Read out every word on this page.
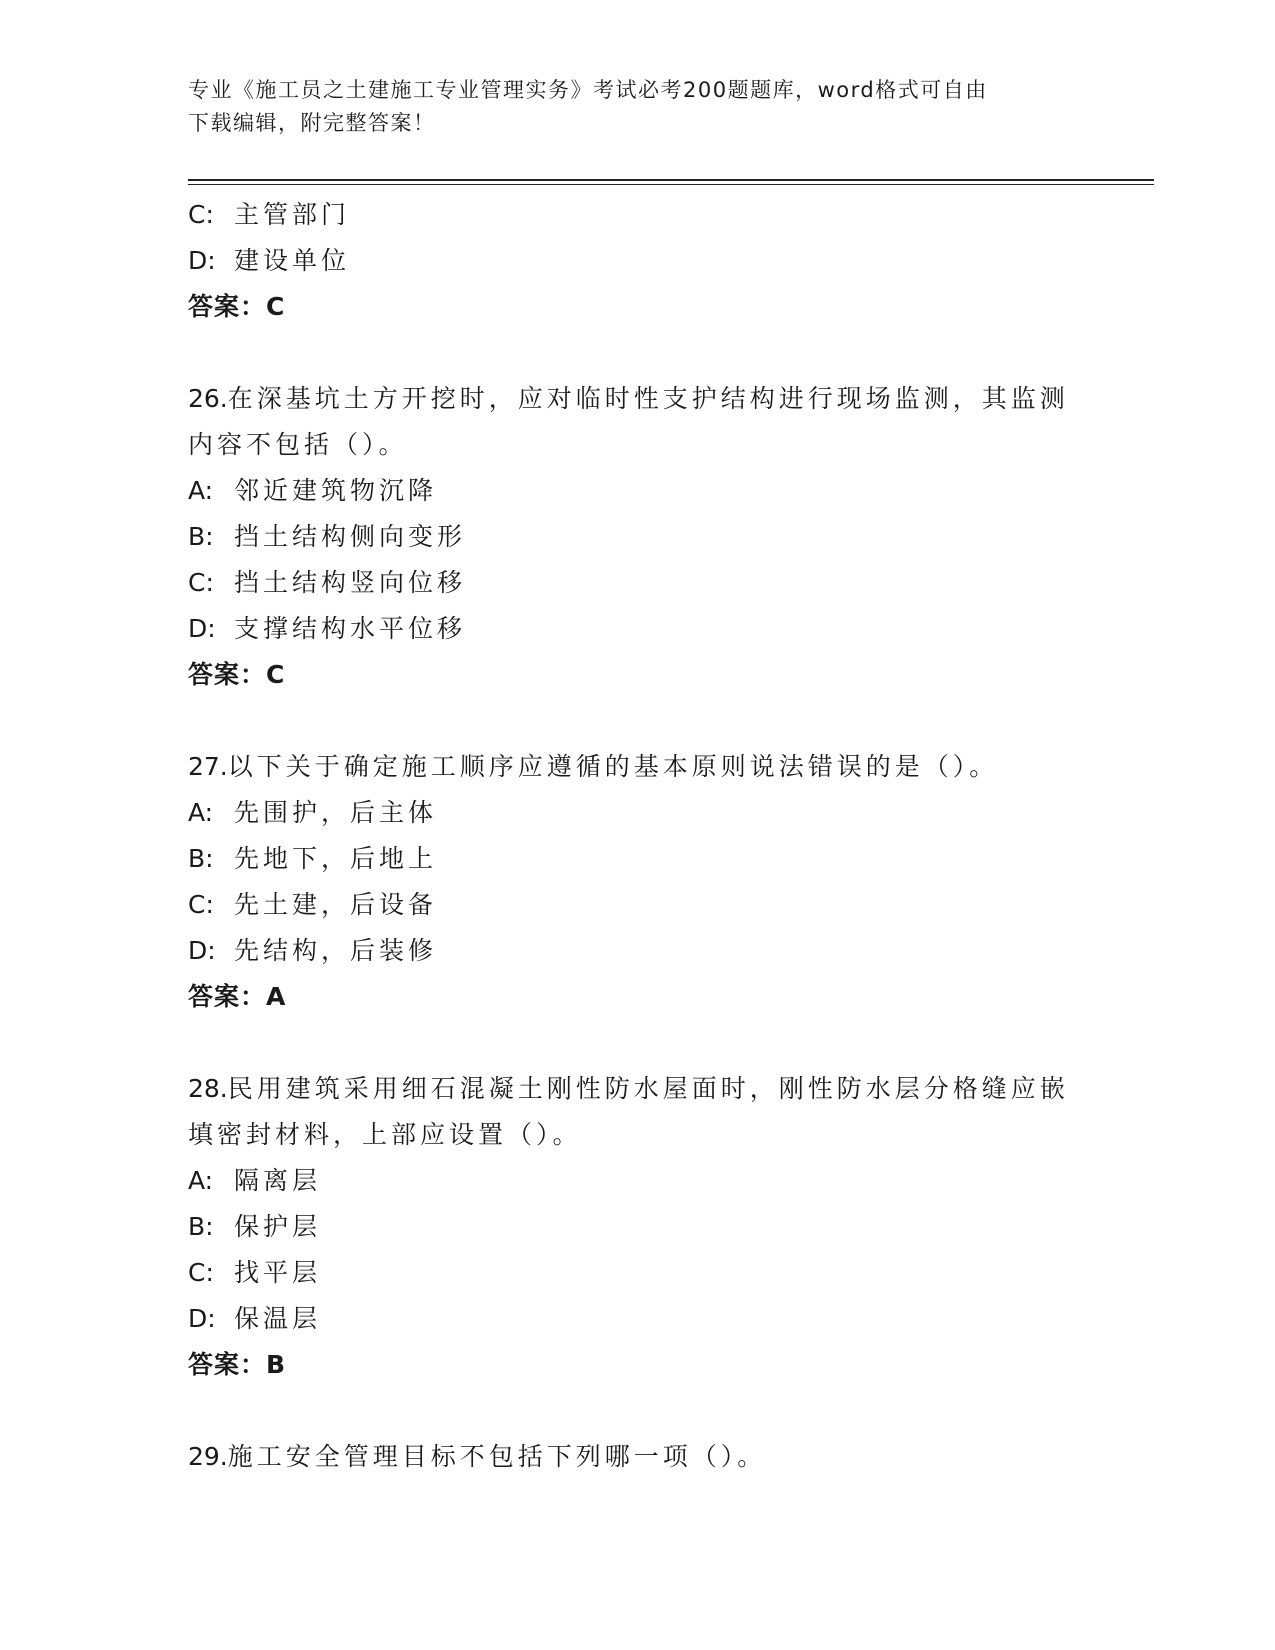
专业《施工员之土建施工专业管理实务》考试必考200题题库，word格式可自由
下载编辑，附完整答案！
C: 主管部门
D: 建设单位
答案：C
26.在深基坑土方开挖时，应对临时性支护结构进行现场监测，其监测
内容不包括（）。
A: 邻近建筑物沉降
B: 挡土结构侧向变形
C: 挡土结构竖向位移
D: 支撑结构水平位移
答案：C
27.以下关于确定施工顺序应遵循的基本原则说法错误的是（）。
A: 先围护，后主体
B: 先地下，后地上
C: 先土建，后设备
D: 先结构，后装修
答案：A
28.民用建筑采用细石混凝土刚性防水屋面时，刚性防水层分格缝应嵌
填密封材料，上部应设置（）。
A: 隔离层
B: 保护层
C: 找平层
D: 保温层
答案：B
29.施工安全管理目标不包括下列哪一项（）。
